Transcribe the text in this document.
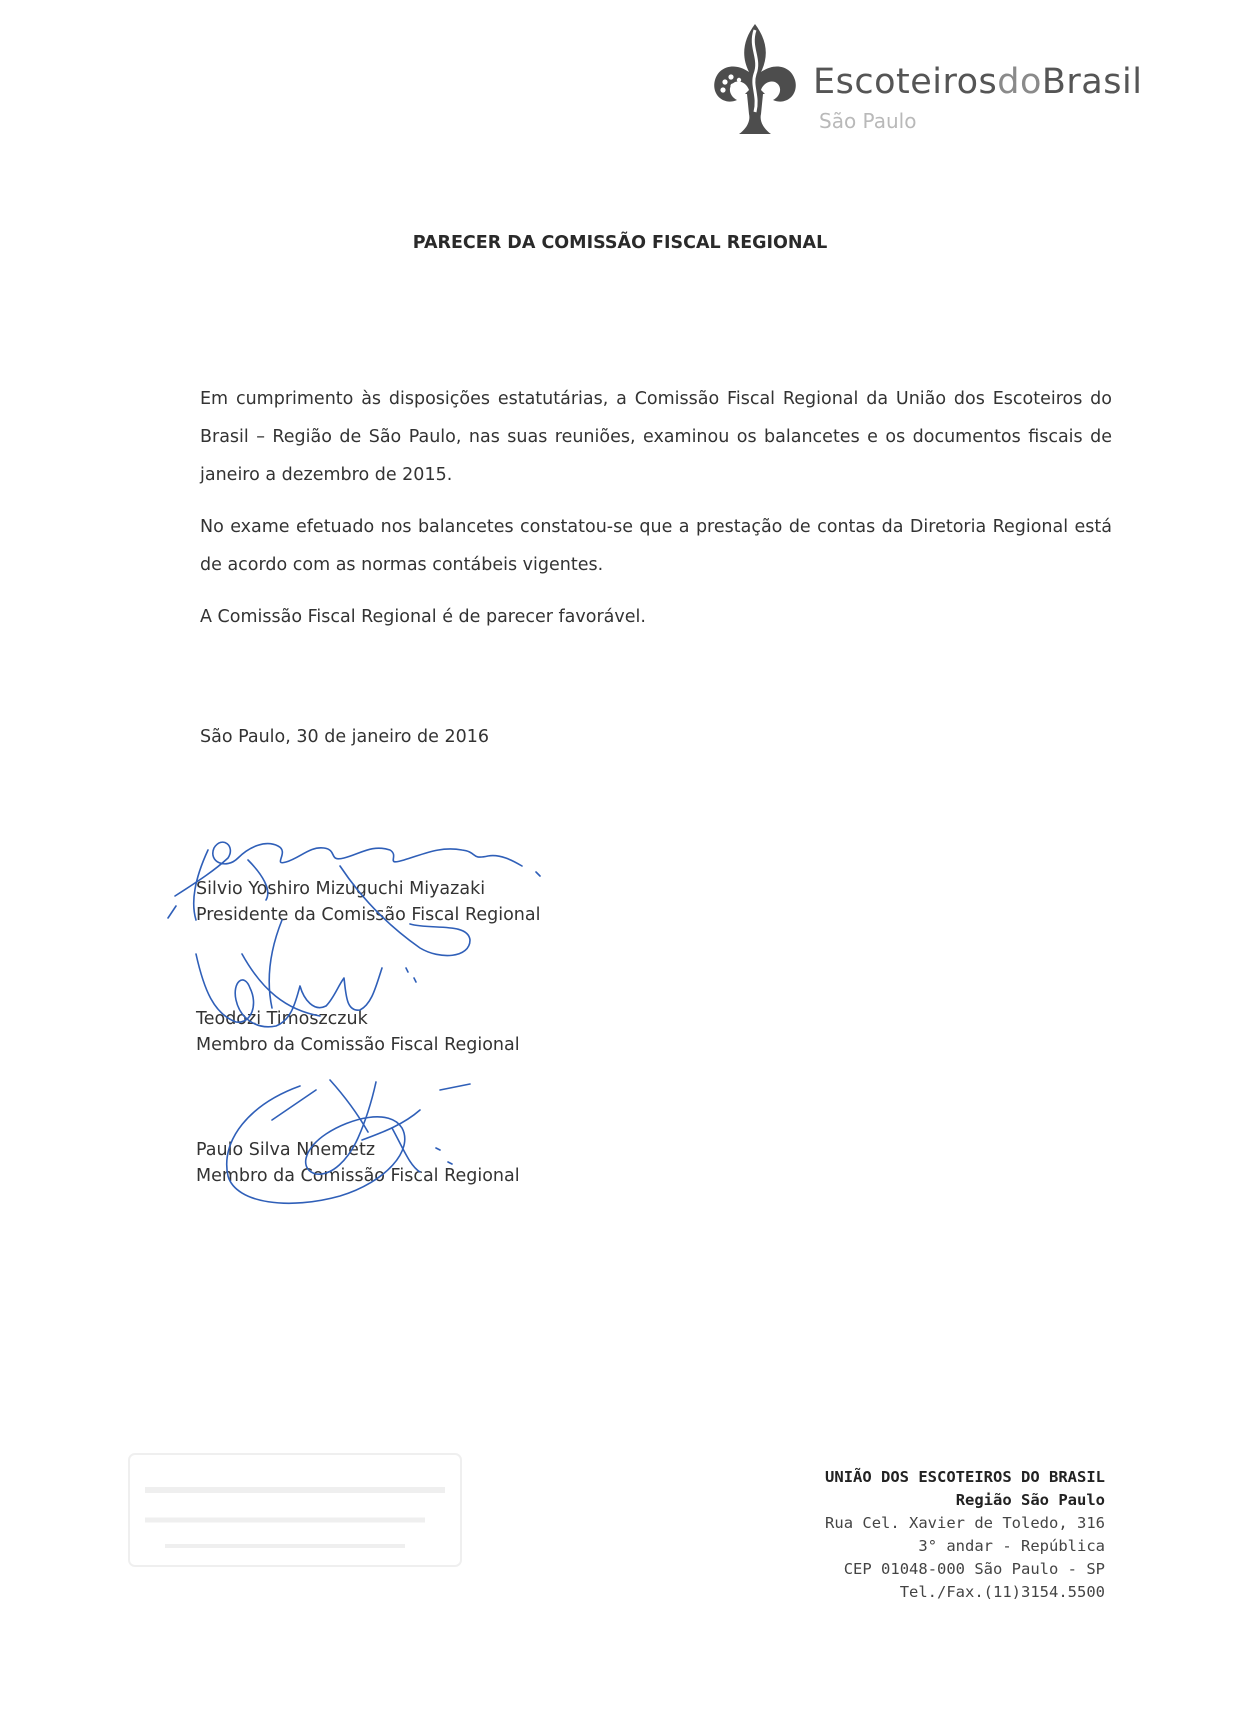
EscoteirosdoBrasil
São Paulo
PARECER DA COMISSÃO FISCAL REGIONAL

Em cumprimento às disposições estatutárias, a Comissão Fiscal Regional da União dos Escoteiros do Brasil – Região de São Paulo, nas suas reuniões, examinou os balancetes e os documentos fiscais de janeiro a dezembro de 2015.

No exame efetuado nos balancetes constatou-se que a prestação de contas da Diretoria Regional está de acordo com as normas contábeis vigentes.

A Comissão Fiscal Regional é de parecer favorável.

São Paulo, 30 de janeiro de 2016
Silvio Yoshiro Mizuguchi Miyazaki
Presidente da Comissão Fiscal Regional
Teodozi Timoszczuk
Membro da Comissão Fiscal Regional
Paulo Silva Nhemetz
Membro da Comissão Fiscal Regional
UNIÃO DOS ESCOTEIROS DO BRASIL
Região São Paulo
Rua Cel. Xavier de Toledo, 316
3° andar - República
CEP 01048-000 São Paulo - SP
Tel./Fax.(11)3154.5500
